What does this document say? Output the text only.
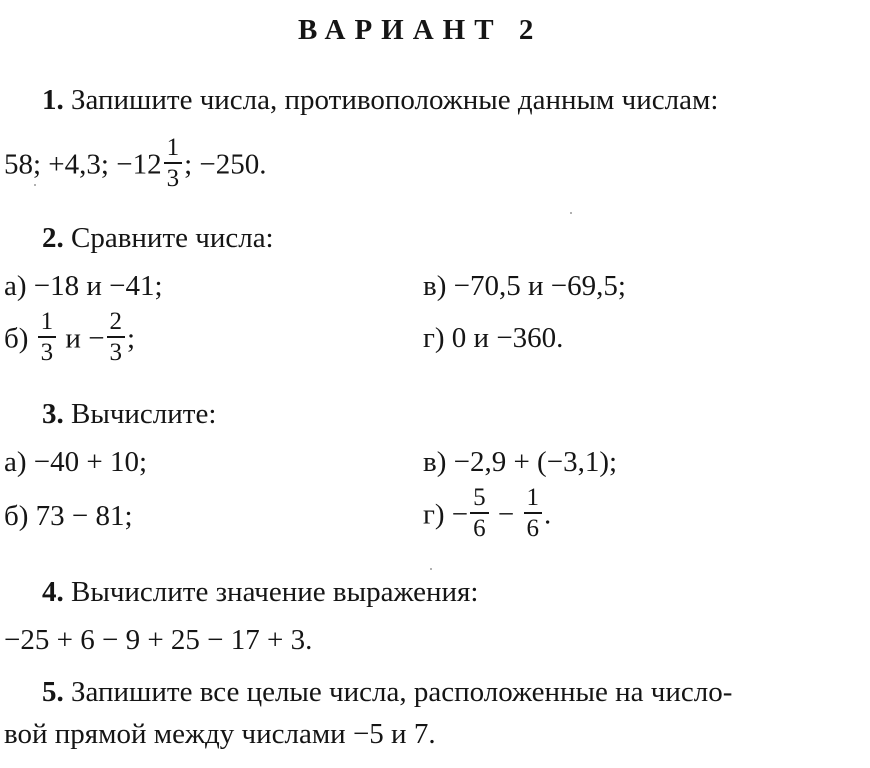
ВАРИАНТ 2
1. Запишите числа, противоположные данным числам:
58; +4,3; $-12 \frac{1}{3}$ ; −250.
2. Сравните числа:
а) −18 и −41;	в) −70,5 и −69,5;
$б) \frac{1}{3}$ $и - \frac{2}{3}$ ;	г) 0 и −360.
3. Вычислите:
а) −40 + 10;	в) −2,9 + (−3,1);
б) 73 − 81;	$г) - \frac{5}{6} - \frac{1}{6}$ .
4. Вычислите значение выражения:
−25 + 6 − 9 + 25 − 17 + 3.
5. Запишите все целые числа, расположенные на число-
вой прямой между числами −5 и 7.
